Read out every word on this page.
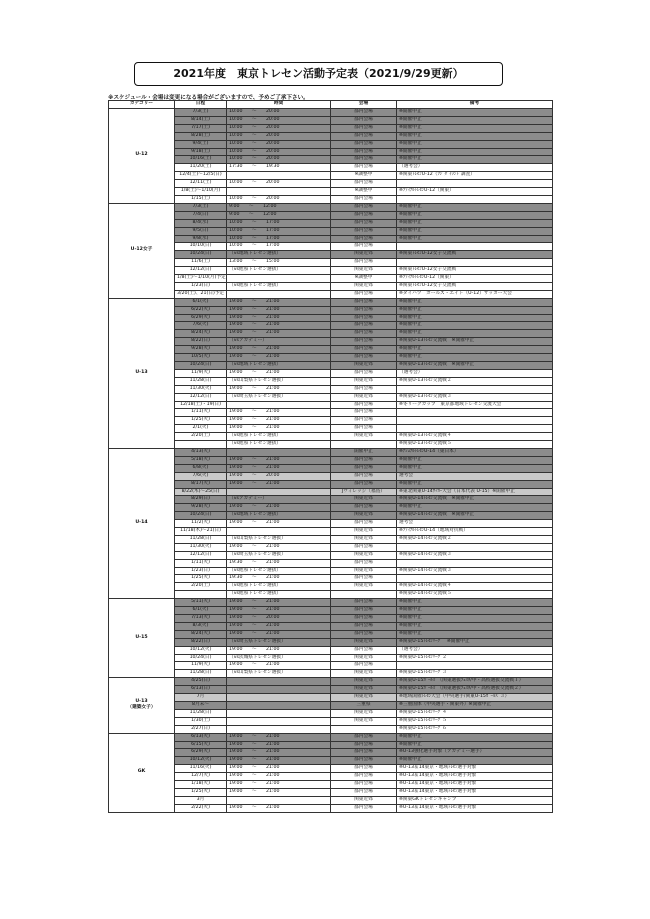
2021年度　東京トレセン活動予定表（2021/9/29更新）
※スケジュール・会場は変更になる場合がございますので、予めご了承下さい。
カテゴリー	日程	時間	会場	備考
U-12	7/3(土)	10:00　　～　　20:00	都内会場	※開催中止
	8/14(土)	10:00　　～　　20:00	都内会場	※開催中止
	7/17(土)	10:00　　～　　20:00	都内会場	※開催中止
	8/28(土)	10:00　　～　　20:00	都内会場	※開催中止
	9/4(土)	10:00　　～　　20:00	都内会場	※開催中止
	9/18(土)	10:00　　～　　20:00	都内会場	※開催中止
	10/16(土)	10:00　　～　　20:00	都内会場	※開催中止
	11/20(土)	17:30　　～　　19:30	都内会場	（選考会）
	12/4(土)～12/5(日)		※調整中	※関東ﾄﾚｾﾝU-12（ﾌｼﾞﾀﾞｲﾗﾝﾄﾞ調査）
	12/11(土)	10:00　　～　　20:00	都内会場	
	1/8(土)～1/10(月)		※調整中	※ﾌｧｲﾅﾙﾄﾚｾﾝU-12（関東）
	1/15(土)	10:00　　～　　20:00	都内会場	
U-12女子	7/3(土)	9:00　　～　　12:00	都内会場	※開催中止
	7/4(日)	9:00　　～　　12:00	都内会場	※開催中止
	8/4(水)	10:00　　～　　17:00	都内会場	※開催中止
	9/5(日)	10:00　　～　　17:00	都内会場	※開催中止
	9/8(水)	10:00　　～　　17:00	都内会場	※開催中止
	10/10(日)	10:00　　～　　17:00	都内会場	
	10/24(日)	（vs地域トレセン選抜）	関東近郊	※関東ﾄﾚｾﾝU-12女子交流戦
	11/6(土)	13:00　　～　　15:00	都内会場	
	12/12(日)	（vs他県トレセン選抜）	関東近郊	※関東ﾄﾚｾﾝU-12女子交流戦
	1/8(土)～1/10(月)予定		※調整中	※ﾌｧｲﾅﾙﾄﾚｾﾝU-12（関東）
	1/23(日)	（vs他県トレセン選抜）	関東近郊	※関東ﾄﾚｾﾝU-12女子交流戦
	3/20(土)、21(日)予定		都内会場	※ダイハツ　ガールズ・エイト（U-12）サッカー大会
U-13	6/1(火)	19:00　　～　　21:00	都内会場	※開催中止
	6/22(火)	19:00　　～　　21:00	都内会場	※開催中止
	6/29(火)	19:00　　～　　21:00	都内会場	※開催中止
	7/6(火)	19:00　　～　　21:00	都内会場	※開催中止
	8/24(火)	19:00　　～　　21:00	都内会場	※開催中止
	8/22(日)	（vsアカデミー）	都内会場	※関東U-13ﾄﾚｾﾝ交流戦　※開催中止
	9/28(火)	19:00　　～　　21:00	都内会場	※開催中止
	10/5(火)	19:00　　～　　21:00	都内会場	※開催中止
	10/24(日)	（vs地域トレセン選抜）	関東近郊	※関東U-13ﾄﾚｾﾝ交流戦　※開催中止
	11/9(火)	19:00　　～　　21:00	都内会場	（選考会）
	11/28(日)	（vs山梨県トレセン選抜）	関東近郊	※関東U-13ﾄﾚｾﾝ交流戦２
	11/30(火)	19:00　　～　　21:00	都内会場	
	12/12(日)	（vs埼玉県トレセン選抜）	関東近郊	※関東U-13ﾄﾚｾﾝ交流戦３
	12/18(土)・19(日)		都内会場	※冬リーグカップ　東京都地域トレセン交流大会
	1/11(火)	19:00　　～　　21:00	都内会場	
	1/25(火)	19:00　　～　　21:00	都内会場	
	2/1(火)	19:00　　～　　21:00	都内会場	
	2/20(土)	（vs他県トレセン選抜）	関東近郊	※関東U-13ﾄﾚｾﾝ交流戦４
		（vs他県トレセン選抜）		※関東U-13ﾄﾚｾﾝ交流戦５
U-14	4/13(火)		開催中止	※ﾅｼｮﾅﾙﾄﾚｾﾝU-14（東日本）
	5/18(火)	19:00　　～　　21:00	都内会場	※開催中止
	6/8(火)	19:00　　～　　21:00	都内会場	※開催中止
	7/6(火)	19:00　　～　　20:00	都内会場	選考会
	8/17(火)	19:00　　～　　21:00	都内会場	※開催中止
	8/22(木)～25(日)		Jヴィレッジ（福島）	※東北関東U-14ｻｯｶｰ大会（日本代表 U-15）※開催中止
	8/29(日)	（vsアカデミー）	関東近郊	※関東U-14ﾄﾚｾﾝ交流戦　※開催中止
	9/28(火)	19:00　　～　　21:00	都内会場	※開催中止
	10/24(日)	（vs地域トレセン選抜）	関東近郊	※関東U-14ﾄﾚｾﾝ交流戦　※開催中止
	11/2(火)	19:00　　～　　21:00	都内会場	選考会
	11/18(木)～21(日)		関東近郊	※ﾌｧｲﾅﾙﾄﾚｾﾝU-14（地域対抗戦）
	11/28(日)	（vs山梨県トレセン選抜）	関東近郊	※関東U-14ﾄﾚｾﾝ交流戦２
	11/30(火)	19:00　　～　　21:00	都内会場	
	12/12(日)	（vs埼玉県トレセン選抜）	関東近郊	※関東U-14ﾄﾚｾﾝ交流戦３
	1/11(火)	19:30　　～　　21:00	都内会場	
	1/23(日)	（vs他県トレセン選抜）	関東近郊	※関東U-14ﾄﾚｾﾝ交流戦３
	1/25(火)	19:30　　～　　21:00	都内会場	
	2/20(土)	（vs他県トレセン選抜）	関東近郊	※関東U-14ﾄﾚｾﾝ交流戦４
		（vs他県トレセン選抜）		※関東U-14ﾄﾚｾﾝ交流戦５
U-15	5/11(火)	19:00　　～　　21:00	都内会場	※開催中止
	6/1(火)	19:00　　～　　21:00	都内会場	※開催中止
	7/13(火)	19:00　　～　　20:00	都内会場	※開催中止
	8/3(火)	19:00　　～　　21:00	都内会場	※開催中止
	8/24(火)	19:00　　～　　21:00	都内会場	※開催中止
	8/22(日)	（vs埼玉県トレセン選抜）	関東近郊	※関東U-15ﾄﾚｾﾝﾘｰｸﾞ　※開催中止
	10/12(火)	19:00　　～　　21:00	都内会場	（選考会）
	10/24(日)	（vs茨城県トレセン選抜）	関東近郊	※関東U-15ﾄﾚｾﾝﾘｰｸﾞ２
	11/9(火)	19:00　　～　　21:00	都内会場	
	11/28(日)	（vs山梨県トレセン選抜）	関東近郊	※関東U-15ﾄﾚｾﾝﾘｰｸﾞ３
U-13
（建築女子）	4/25(日)		関東近郊	※関東U-15ｶﾞｰﾙｽﾞ（関東選抜ﾌｪｽﾀ/中・高校選抜交流戦１）
	6/13(日)		関東近郊	※関東U-15ｶﾞｰﾙｽﾞ（関東選抜ﾌｪｽﾀ/中・高校選抜交流戦２）
	7月		関東近郊	※地域開催ﾄﾚｾﾝ大会（中央選手/関東U-15ｶﾞｰﾙｽﾞ３）
	8月末～		三重県	※三重国体（中央選手・関東外）※開催中止
	11/28(日)		関東近郊	※関東U-15ﾄﾚｾﾝﾘｰｸﾞ４
	1/30(土)		関東近郊	※関東U-15ﾄﾚｾﾝﾘｰｸﾞ５
	2/27(日)			※関東U-15ﾄﾚｾﾝﾘｰｸﾞ６
GK	6/13(火)	19:00　　～　　21:00	都内会場	※開催中止
	6/15(火)	19:00　　～　　21:00	都内会場	※開催中止
	6/29(火)	19:00　　～　　21:00	都内会場	※U-13強化選手対象（アカデミー選手）
	10/12(火)	19:00　　～　　21:00	都内会場	※開催中止
	11/16(火)	19:00　　～　　21:00	都内会場	※U-13＆14東京・地域ﾄﾚｾﾝ選手対象
	12/7(火)	19:00　　～　　21:00	都内会場	※U-13＆14東京・地域ﾄﾚｾﾝ選手対象
	1/18(火)	19:00　　～　　21:00	都内会場	※U-13＆14東京・地域ﾄﾚｾﾝ選手対象
	1/25(火)	19:00　　～　　21:00	都内会場	※U-13＆14東京・地域ﾄﾚｾﾝ選手対象
	3月		関東近郊	※関東GKトレセンキャンプ
	2/22(火)	19:00　　～　　21:00	都内会場	※U-13＆14東京・地域ﾄﾚｾﾝ選手対象
